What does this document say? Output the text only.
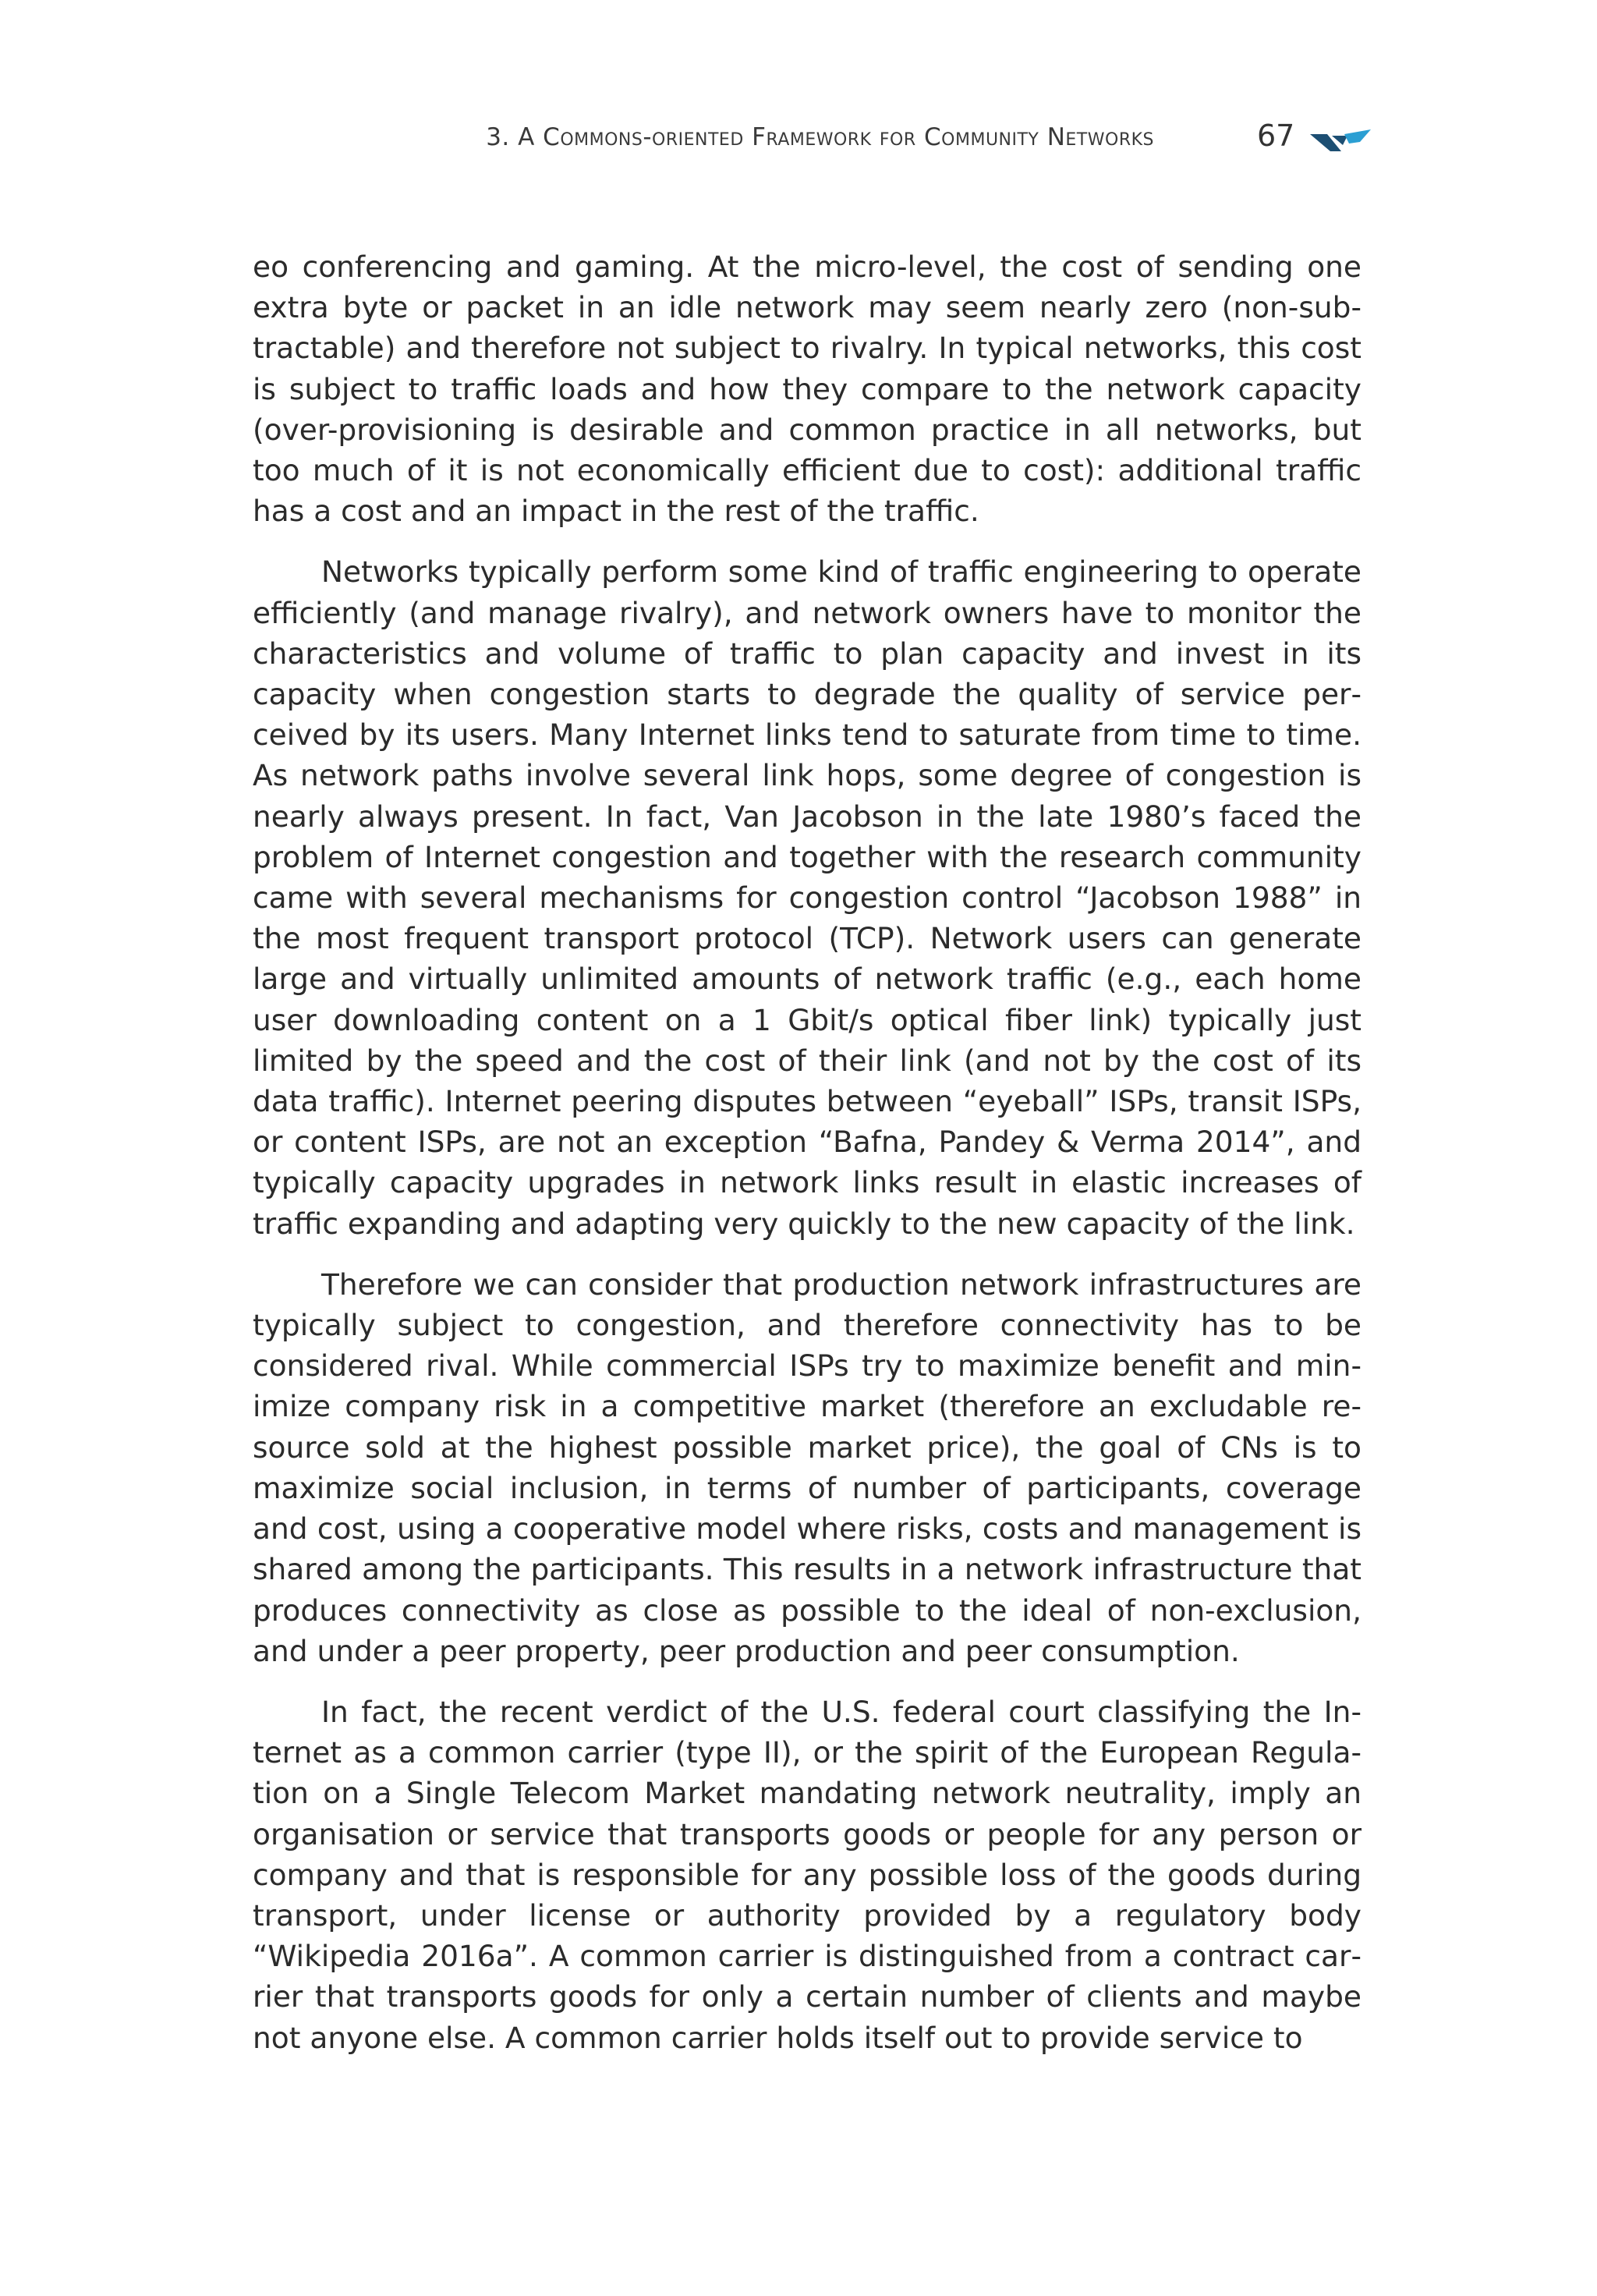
3. A Commons-oriented Framework for Community Networks	67

eo conferencing and gaming. At the micro-level, the cost of sending one extra byte or packet in an idle network may seem nearly zero (non-subtractable) and therefore not subject to rivalry. In typical networks, this cost is subject to traffic loads and how they compare to the network capacity (over-provisioning is desirable and common practice in all networks, but too much of it is not economically efficient due to cost): additional traffic has a cost and an impact in the rest of the traffic.

Networks typically perform some kind of traffic engineering to operate efficiently (and manage rivalry), and network owners have to monitor the characteristics and volume of traffic to plan capacity and invest in its capacity when congestion starts to degrade the quality of service perceived by its users. Many Internet links tend to saturate from time to time. As network paths involve several link hops, some degree of congestion is nearly always present. In fact, Van Jacobson in the late 1980’s faced the problem of Internet congestion and together with the research community came with several mechanisms for congestion control “Jacobson 1988” in the most frequent transport protocol (TCP). Network users can generate large and virtually unlimited amounts of network traffic (e.g., each home user downloading content on a 1 Gbit/s optical fiber link) typically just limited by the speed and the cost of their link (and not by the cost of its data traffic). Internet peering disputes between “eyeball” ISPs, transit ISPs, or content ISPs, are not an exception “Bafna, Pandey & Verma 2014”, and typically capacity upgrades in network links result in elastic increases of traffic expanding and adapting very quickly to the new capacity of the link.

Therefore we can consider that production network infrastructures are typically subject to congestion, and therefore connectivity has to be considered rival. While commercial ISPs try to maximize benefit and minimize company risk in a competitive market (therefore an excludable resource sold at the highest possible market price), the goal of CNs is to maximize social inclusion, in terms of number of participants, coverage and cost, using a cooperative model where risks, costs and management is shared among the participants. This results in a network infrastructure that produces connectivity as close as possible to the ideal of non-exclusion, and under a peer property, peer production and peer consumption.

In fact, the recent verdict of the U.S. federal court classifying the Internet as a common carrier (type II), or the spirit of the European Regulation on a Single Telecom Market mandating network neutrality, imply an organisation or service that transports goods or people for any person or company and that is responsible for any possible loss of the goods during transport, under license or authority provided by a regulatory body “Wikipedia 2016a”. A common carrier is distinguished from a contract carrier that transports goods for only a certain number of clients and maybe not anyone else. A common carrier holds itself out to provide service to
